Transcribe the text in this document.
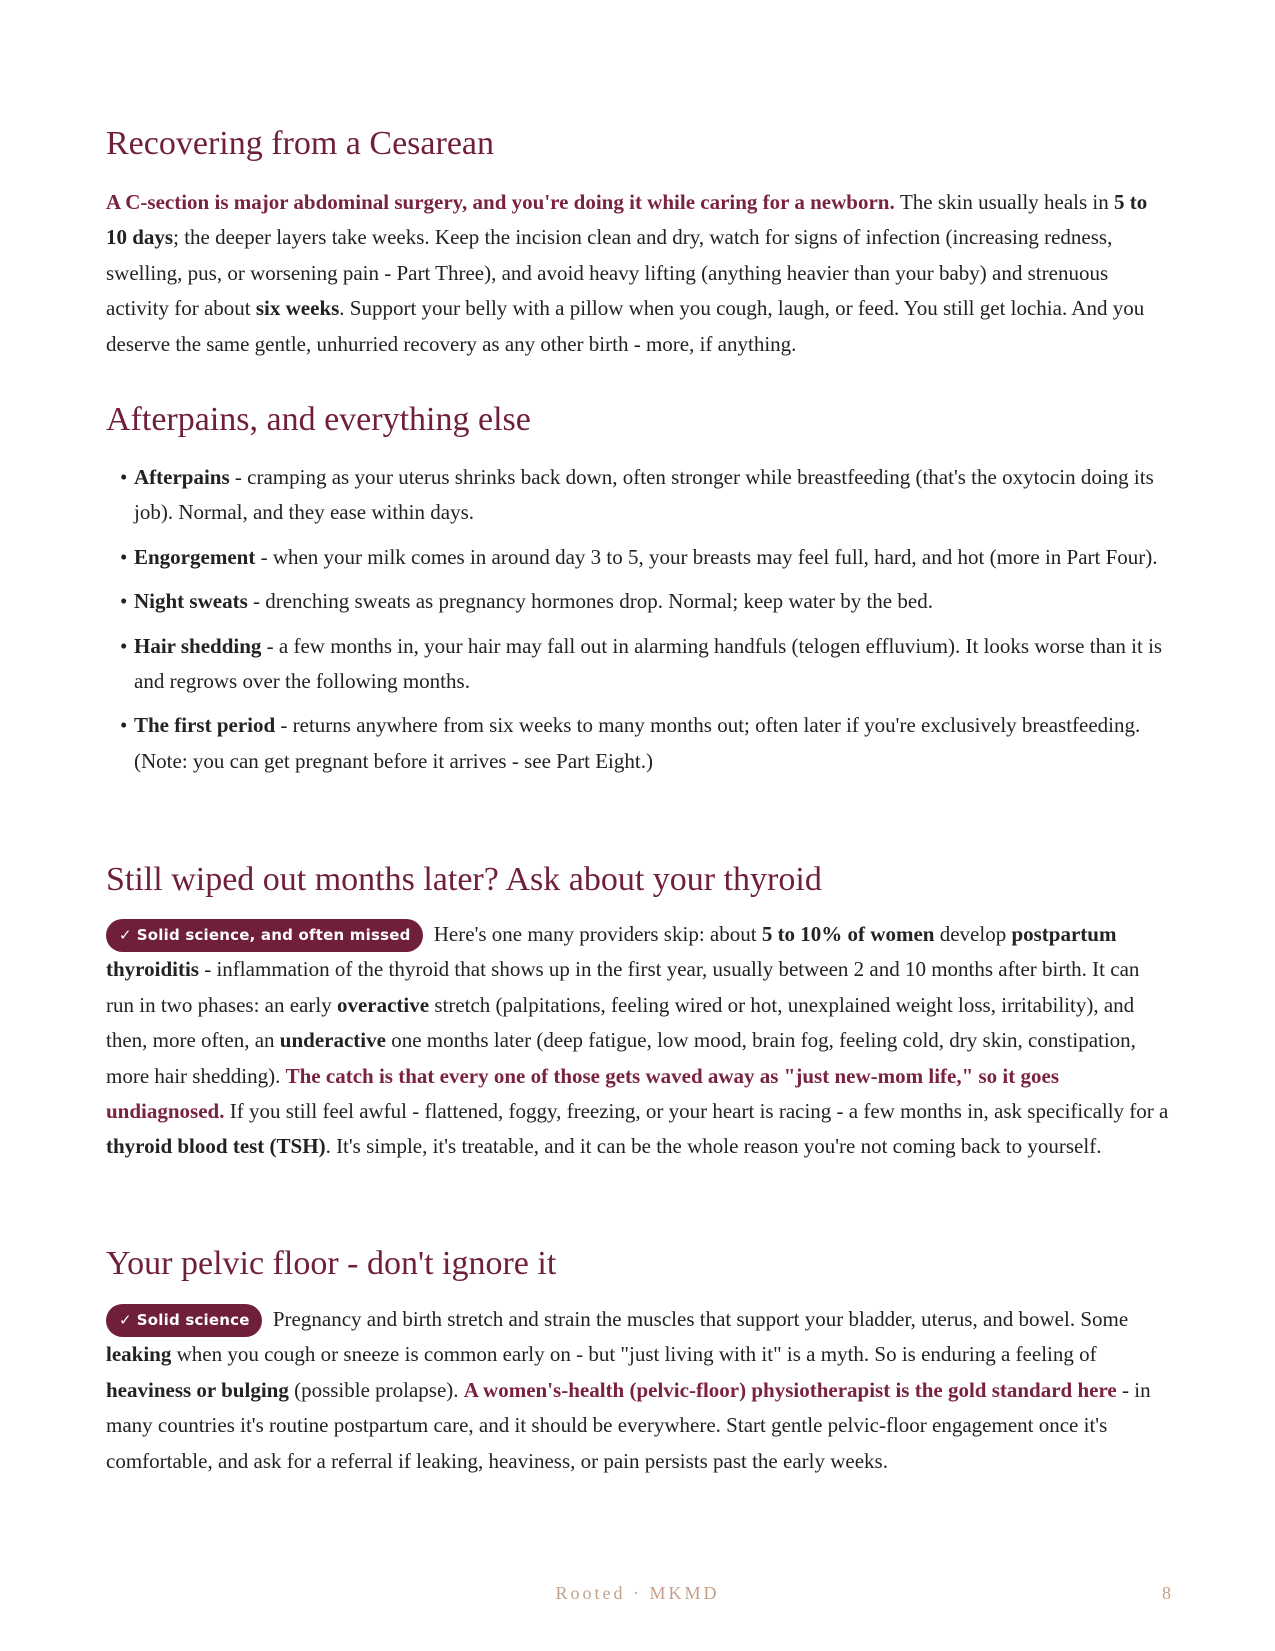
Recovering from a Cesarean

A C-section is major abdominal surgery, and you're doing it while caring for a newborn. The skin usually heals in 5 to 10 days; the deeper layers take weeks. Keep the incision clean and dry, watch for signs of infection (increasing redness, swelling, pus, or worsening pain - Part Three), and avoid heavy lifting (anything heavier than your baby) and strenuous activity for about six weeks. Support your belly with a pillow when you cough, laugh, or feed. You still get lochia. And you deserve the same gentle, unhurried recovery as any other birth - more, if anything.

Afterpains, and everything else
• Afterpains - cramping as your uterus shrinks back down, often stronger while breastfeeding (that's the oxytocin doing its job). Normal, and they ease within days.
• Engorgement - when your milk comes in around day 3 to 5, your breasts may feel full, hard, and hot (more in Part Four).
• Night sweats - drenching sweats as pregnancy hormones drop. Normal; keep water by the bed.
• Hair shedding - a few months in, your hair may fall out in alarming handfuls (telogen effluvium). It looks worse than it is and regrows over the following months.
• The first period - returns anywhere from six weeks to many months out; often later if you're exclusively breastfeeding. (Note: you can get pregnant before it arrives - see Part Eight.)
Still wiped out months later? Ask about your thyroid

✓ Solid science, and often missed Here's one many providers skip: about 5 to 10% of women develop postpartum thyroiditis - inflammation of the thyroid that shows up in the first year, usually between 2 and 10 months after birth. It can run in two phases: an early overactive stretch (palpitations, feeling wired or hot, unexplained weight loss, irritability), and then, more often, an underactive one months later (deep fatigue, low mood, brain fog, feeling cold, dry skin, constipation, more hair shedding). The catch is that every one of those gets waved away as "just new-mom life," so it goes undiagnosed. If you still feel awful - flattened, foggy, freezing, or your heart is racing - a few months in, ask specifically for a thyroid blood test (TSH). It's simple, it's treatable, and it can be the whole reason you're not coming back to yourself.

Your pelvic floor - don't ignore it

✓ Solid science Pregnancy and birth stretch and strain the muscles that support your bladder, uterus, and bowel. Some leaking when you cough or sneeze is common early on - but "just living with it" is a myth. So is enduring a feeling of heaviness or bulging (possible prolapse). A women's-health (pelvic-floor) physiotherapist is the gold standard here - in many countries it's routine postpartum care, and it should be everywhere. Start gentle pelvic-floor engagement once it's comfortable, and ask for a referral if leaking, heaviness, or pain persists past the early weeks.

Rooted · MKMD	8
